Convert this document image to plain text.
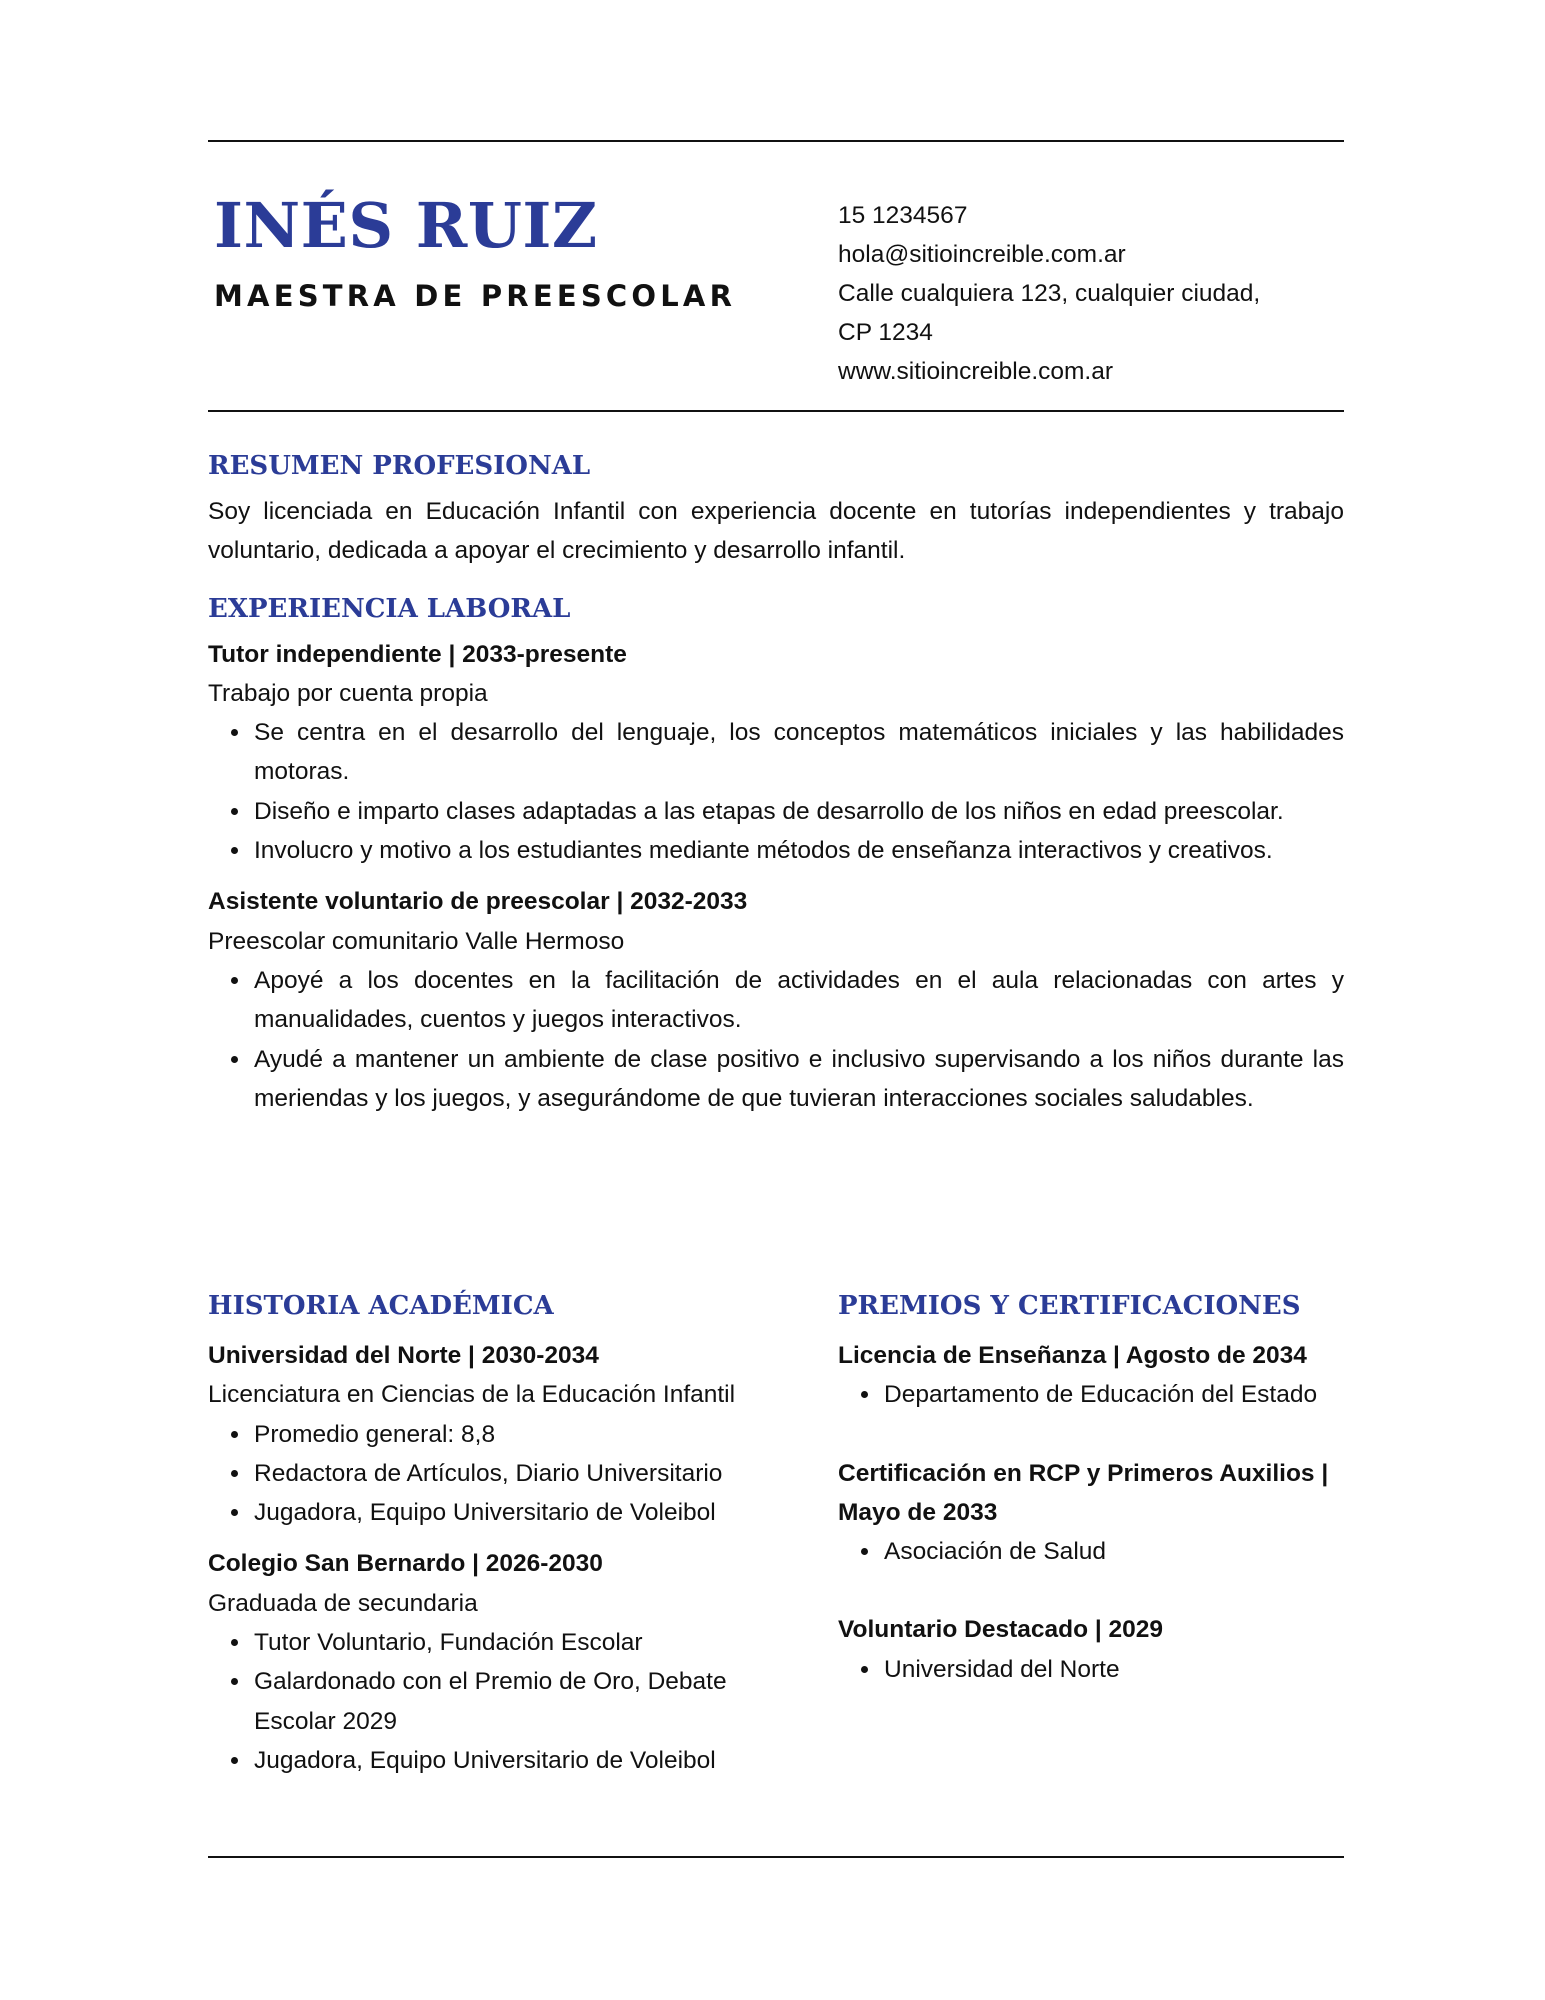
INÉS RUIZ
MAESTRA DE PREESCOLAR
15 1234567
hola@sitioincreible.com.ar
Calle cualquiera 123, cualquier ciudad,
CP 1234
www.sitioincreible.com.ar
RESUMEN PROFESIONAL

Soy licenciada en Educación Infantil con experiencia docente en tutorías independientes y trabajo voluntario, dedicada a apoyar el crecimiento y desarrollo infantil.

EXPERIENCIA LABORAL

Tutor independiente | 2033-presente

Trabajo por cuenta propia

• Se centra en el desarrollo del lenguaje, los conceptos matemáticos iniciales y las habilidades motoras.
• Diseño e imparto clases adaptadas a las etapas de desarrollo de los niños en edad preescolar.
• Involucro y motivo a los estudiantes mediante métodos de enseñanza interactivos y creativos.

Asistente voluntario de preescolar | 2032-2033

Preescolar comunitario Valle Hermoso

• Apoyé a los docentes en la facilitación de actividades en el aula relacionadas con artes y manualidades, cuentos y juegos interactivos.
• Ayudé a mantener un ambiente de clase positivo e inclusivo supervisando a los niños durante las meriendas y los juegos, y asegurándome de que tuvieran interacciones sociales saludables.
HISTORIA ACADÉMICA

Universidad del Norte | 2030-2034

Licenciatura en Ciencias de la Educación Infantil

• Promedio general: 8,8
• Redactora de Artículos, Diario Universitario
• Jugadora, Equipo Universitario de Voleibol

Colegio San Bernardo | 2026-2030

Graduada de secundaria

• Tutor Voluntario, Fundación Escolar
• Galardonado con el Premio de Oro, Debate Escolar 2029
• Jugadora, Equipo Universitario de Voleibol
PREMIOS Y CERTIFICACIONES

Licencia de Enseñanza | Agosto de 2034

• Departamento de Educación del Estado

Certificación en RCP y Primeros Auxilios | Mayo de 2033

• Asociación de Salud

Voluntario Destacado | 2029

• Universidad del Norte
